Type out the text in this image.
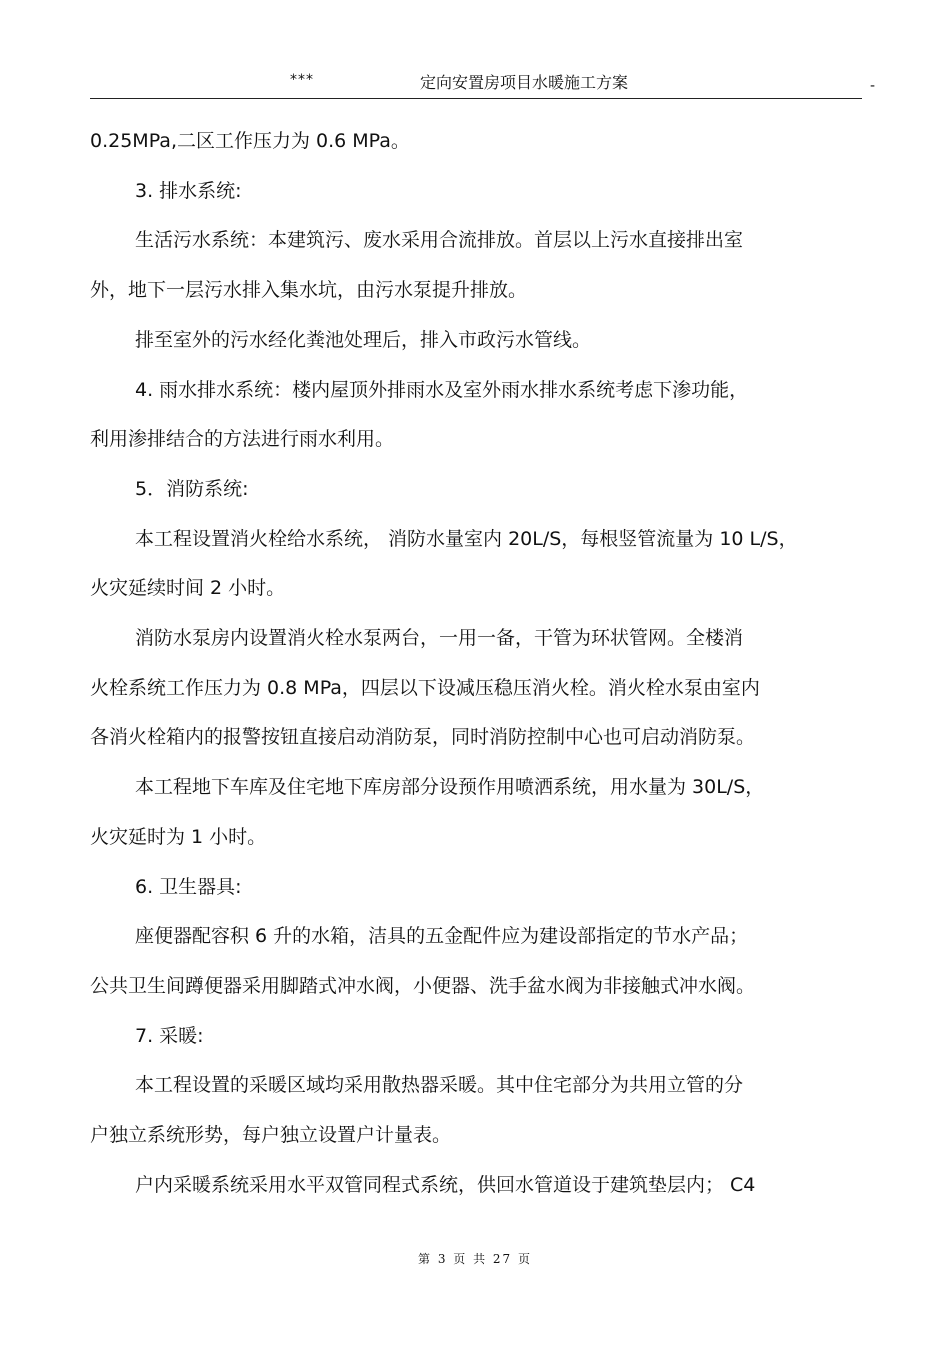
***	定向安置房项目水暖施工方案	-
0.25MPa,二区工作压力为 0.6 MPa。
3. 排水系统:
生活污水系统：本建筑污、废水采用合流排放。首层以上污水直接排出室
外，地下一层污水排入集水坑，由污水泵提升排放。
排至室外的污水经化粪池处理后，排入市政污水管线。
4. 雨水排水系统：楼内屋顶外排雨水及室外雨水排水系统考虑下渗功能，
利用渗排结合的方法进行雨水利用。
5．消防系统:
本工程设置消火栓给水系统， 消防水量室内 20L/S，每根竖管流量为 10 L/S，
火灾延续时间 2 小时。
消防水泵房内设置消火栓水泵两台，一用一备，干管为环状管网。全楼消
火栓系统工作压力为 0.8 MPa，四层以下设减压稳压消火栓。消火栓水泵由室内
各消火栓箱内的报警按钮直接启动消防泵，同时消防控制中心也可启动消防泵。
本工程地下车库及住宅地下库房部分设预作用喷洒系统，用水量为 30L/S，
火灾延时为 1 小时。
6. 卫生器具:
座便器配容积 6 升的水箱，洁具的五金配件应为建设部指定的节水产品；
公共卫生间蹲便器采用脚踏式冲水阀，小便器、洗手盆水阀为非接触式冲水阀。
7. 采暖:
本工程设置的采暖区域均采用散热器采暖。其中住宅部分为共用立管的分
户独立系统形势，每户独立设置户计量表。
户内采暖系统采用水平双管同程式系统，供回水管道设于建筑垫层内； C4
第 3 页 共 27 页
